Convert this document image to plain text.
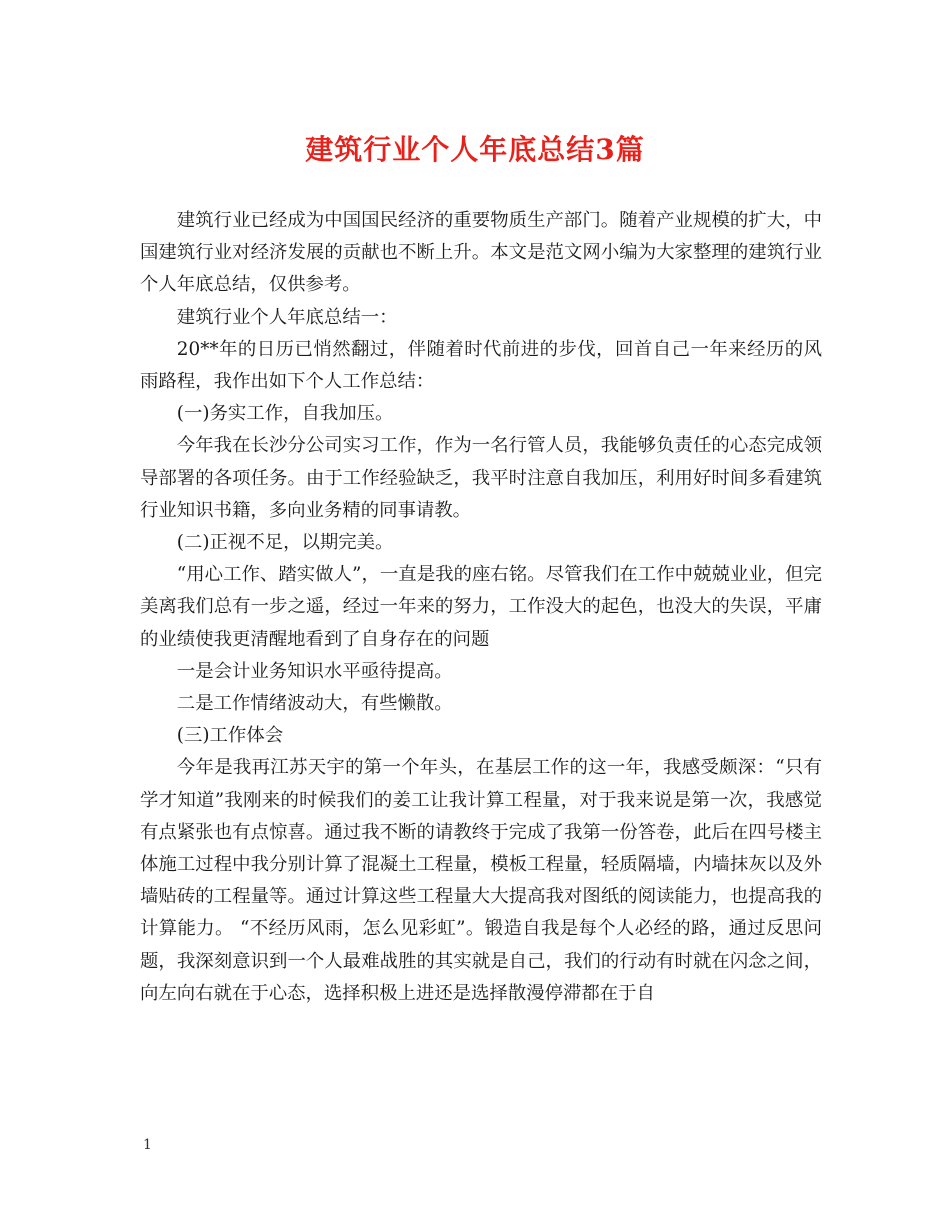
建筑行业个人年底总结3篇

建筑行业已经成为中国国民经济的重要物质生产部门。随着产业规模的扩大，中国建筑行业对经济发展的贡献也不断上升。本文是范文网小编为大家整理的建筑行业个人年底总结，仅供参考。

建筑行业个人年底总结一：

20**年的日历已悄然翻过，伴随着时代前进的步伐，回首自己一年来经历的风雨路程，我作出如下个人工作总结：

(一)务实工作，自我加压。

今年我在长沙分公司实习工作，作为一名行管人员，我能够负责任的心态完成领导部署的各项任务。由于工作经验缺乏，我平时注意自我加压，利用好时间多看建筑行业知识书籍，多向业务精的同事请教。

(二)正视不足，以期完美。

“用心工作、踏实做人”，一直是我的座右铭。尽管我们在工作中兢兢业业，但完美离我们总有一步之遥，经过一年来的努力，工作没大的起色，也没大的失误，平庸的业绩使我更清醒地看到了自身存在的问题

一是会计业务知识水平亟待提高。

二是工作情绪波动大，有些懒散。

(三)工作体会

今年是我再江苏天宇的第一个年头，在基层工作的这一年，我感受颇深：“只有学才知道”我刚来的时候我们的姜工让我计算工程量，对于我来说是第一次，我感觉有点紧张也有点惊喜。通过我不断的请教终于完成了我第一份答卷，此后在四号楼主体施工过程中我分别计算了混凝土工程量，模板工程量，轻质隔墙，内墙抹灰以及外墙贴砖的工程量等。通过计算这些工程量大大提高我对图纸的阅读能力，也提高我的计算能力。 “不经历风雨，怎么见彩虹”。锻造自我是每个人必经的路，通过反思问题，我深刻意识到一个人最难战胜的其实就是自己，我们的行动有时就在闪念之间，向左向右就在于心态，选择积极上进还是选择散漫停滞都在于自

1
